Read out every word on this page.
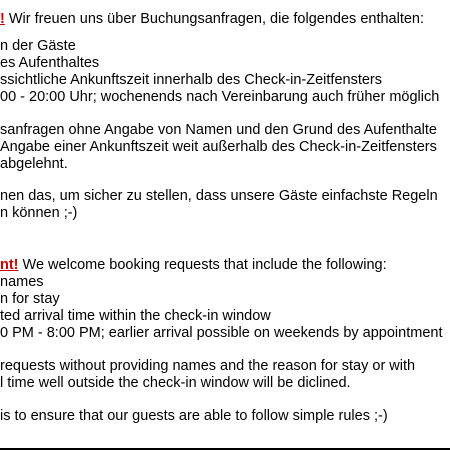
! Wir freuen uns über Buchungsanfragen, die folgendes enthalten:
n der Gäste
es Aufenthaltes
ssichtliche Ankunftszeit innerhalb des Check-in-Zeitfensters
00 - 20:00 Uhr; wochenends nach Vereinbarung auch früher möglich
sanfragen ohne Angabe von Namen und den Grund des Aufenthalte
Angabe einer Ankunftszeit weit außerhalb des Check-in-Zeitfensters
abgelehnt.
nen das, um sicher zu stellen, dass unsere Gäste einfachste Regeln
n können ;-)
nt! We welcome booking requests that include the following:
names
n for stay
ted arrival time within the check-in window
0 PM - 8:00 PM; earlier arrival possible on weekends by appointment
requests without providing names and the reason for stay or with
l time well outside the check-in window will be diclined.
is to ensure that our guests are able to follow simple rules ;-)
